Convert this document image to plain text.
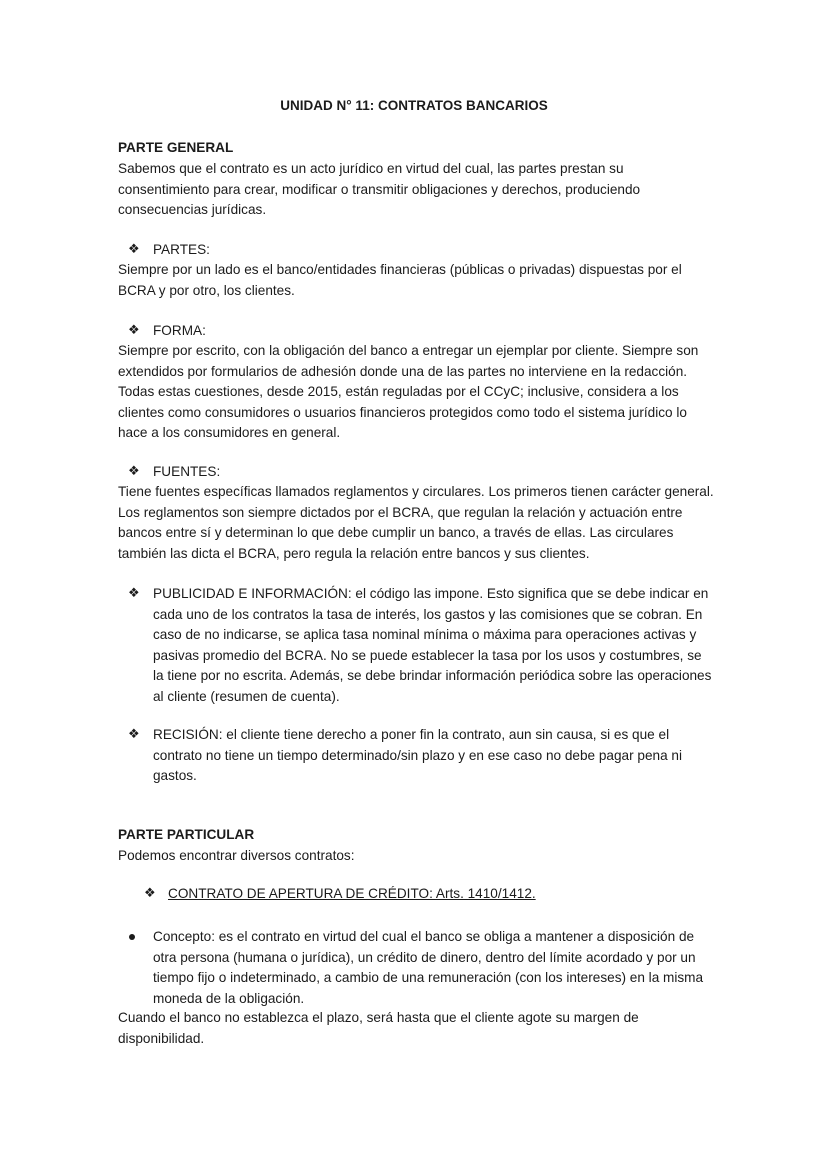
UNIDAD N° 11: CONTRATOS BANCARIOS
PARTE GENERAL

Sabemos que el contrato es un acto jurídico en virtud del cual, las partes prestan su consentimiento para crear, modificar o transmitir obligaciones y derechos, produciendo consecuencias jurídicas.

❖ PARTES:

Siempre por un lado es el banco/entidades financieras (públicas o privadas) dispuestas por el BCRA y por otro, los clientes.

❖ FORMA:

Siempre por escrito, con la obligación del banco a entregar un ejemplar por cliente. Siempre son extendidos por formularios de adhesión donde una de las partes no interviene en la redacción. Todas estas cuestiones, desde 2015, están reguladas por el CCyC; inclusive, considera a los clientes como consumidores o usuarios financieros protegidos como todo el sistema jurídico lo hace a los consumidores en general.

❖ FUENTES:

Tiene fuentes específicas llamados reglamentos y circulares. Los primeros tienen carácter general. Los reglamentos son siempre dictados por el BCRA, que regulan la relación y actuación entre bancos entre sí y determinan lo que debe cumplir un banco, a través de ellas. Las circulares también las dicta el BCRA, pero regula la relación entre bancos y sus clientes.

❖ PUBLICIDAD E INFORMACIÓN: el código las impone. Esto significa que se debe indicar en cada uno de los contratos la tasa de interés, los gastos y las comisiones que se cobran. En caso de no indicarse, se aplica tasa nominal mínima o máxima para operaciones activas y pasivas promedio del BCRA. No se puede establecer la tasa por los usos y costumbres, se la tiene por no escrita. Además, se debe brindar información periódica sobre las operaciones al cliente (resumen de cuenta).

❖ RECISIÓN: el cliente tiene derecho a poner fin la contrato, aun sin causa, si es que el contrato no tiene un tiempo determinado/sin plazo y en ese caso no debe pagar pena ni gastos.

PARTE PARTICULAR

Podemos encontrar diversos contratos:

❖ CONTRATO DE APERTURA DE CRÉDITO: Arts. 1410/1412.

Concepto: es el contrato en virtud del cual el banco se obliga a mantener a disposición de otra persona (humana o jurídica), un crédito de dinero, dentro del límite acordado y por un tiempo fijo o indeterminado, a cambio de una remuneración (con los intereses) en la misma moneda de la obligación.

Cuando el banco no establezca el plazo, será hasta que el cliente agote su margen de disponibilidad.
